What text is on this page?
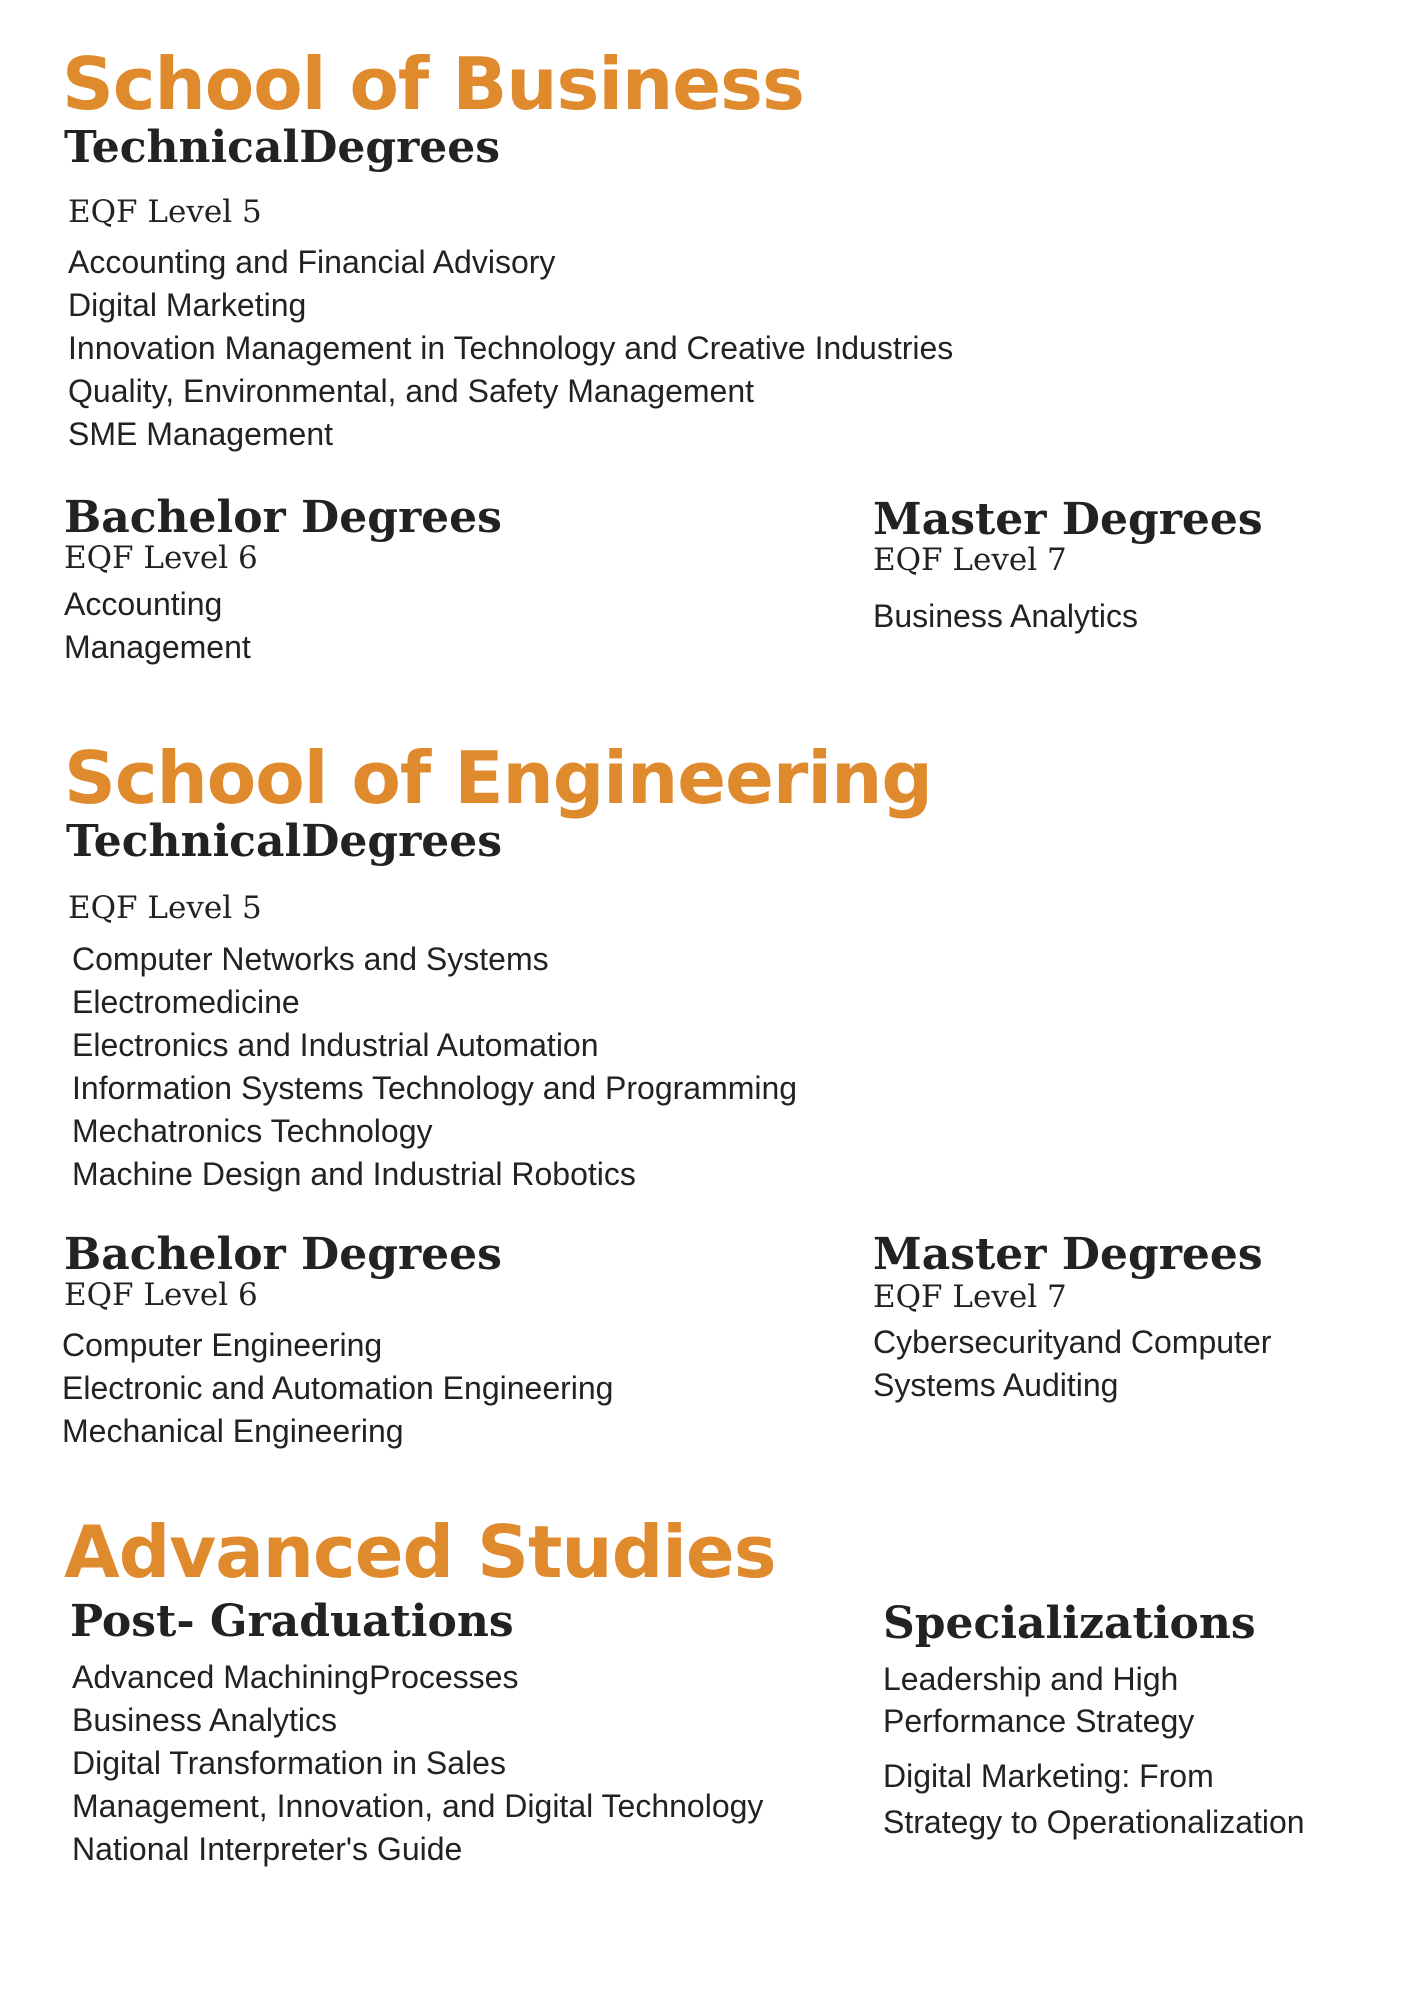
School of Business
TechnicalDegrees
EQF Level 5
Accounting and Financial Advisory
Digital Marketing
Innovation Management in Technology and Creative Industries
Quality, Environmental, and Safety Management
SME Management
Bachelor Degrees
EQF Level 6
Accounting
Management
Master Degrees
EQF Level 7
Business Analytics
School of Engineering
TechnicalDegrees
EQF Level 5
Computer Networks and Systems
Electromedicine
Electronics and Industrial Automation
Information Systems Technology and Programming
Mechatronics Technology
Machine Design and Industrial Robotics
Bachelor Degrees
EQF Level 6
Computer Engineering
Electronic and Automation Engineering
Mechanical Engineering
Master Degrees
EQF Level 7
Cybersecurityand Computer
Systems Auditing
Advanced Studies
Post- Graduations
Advanced MachiningProcesses
Business Analytics
Digital Transformation in Sales
Management, Innovation, and Digital Technology
National Interpreter's Guide
Specializations
Leadership and High
Performance Strategy
Digital Marketing: From
Strategy to Operationalization
